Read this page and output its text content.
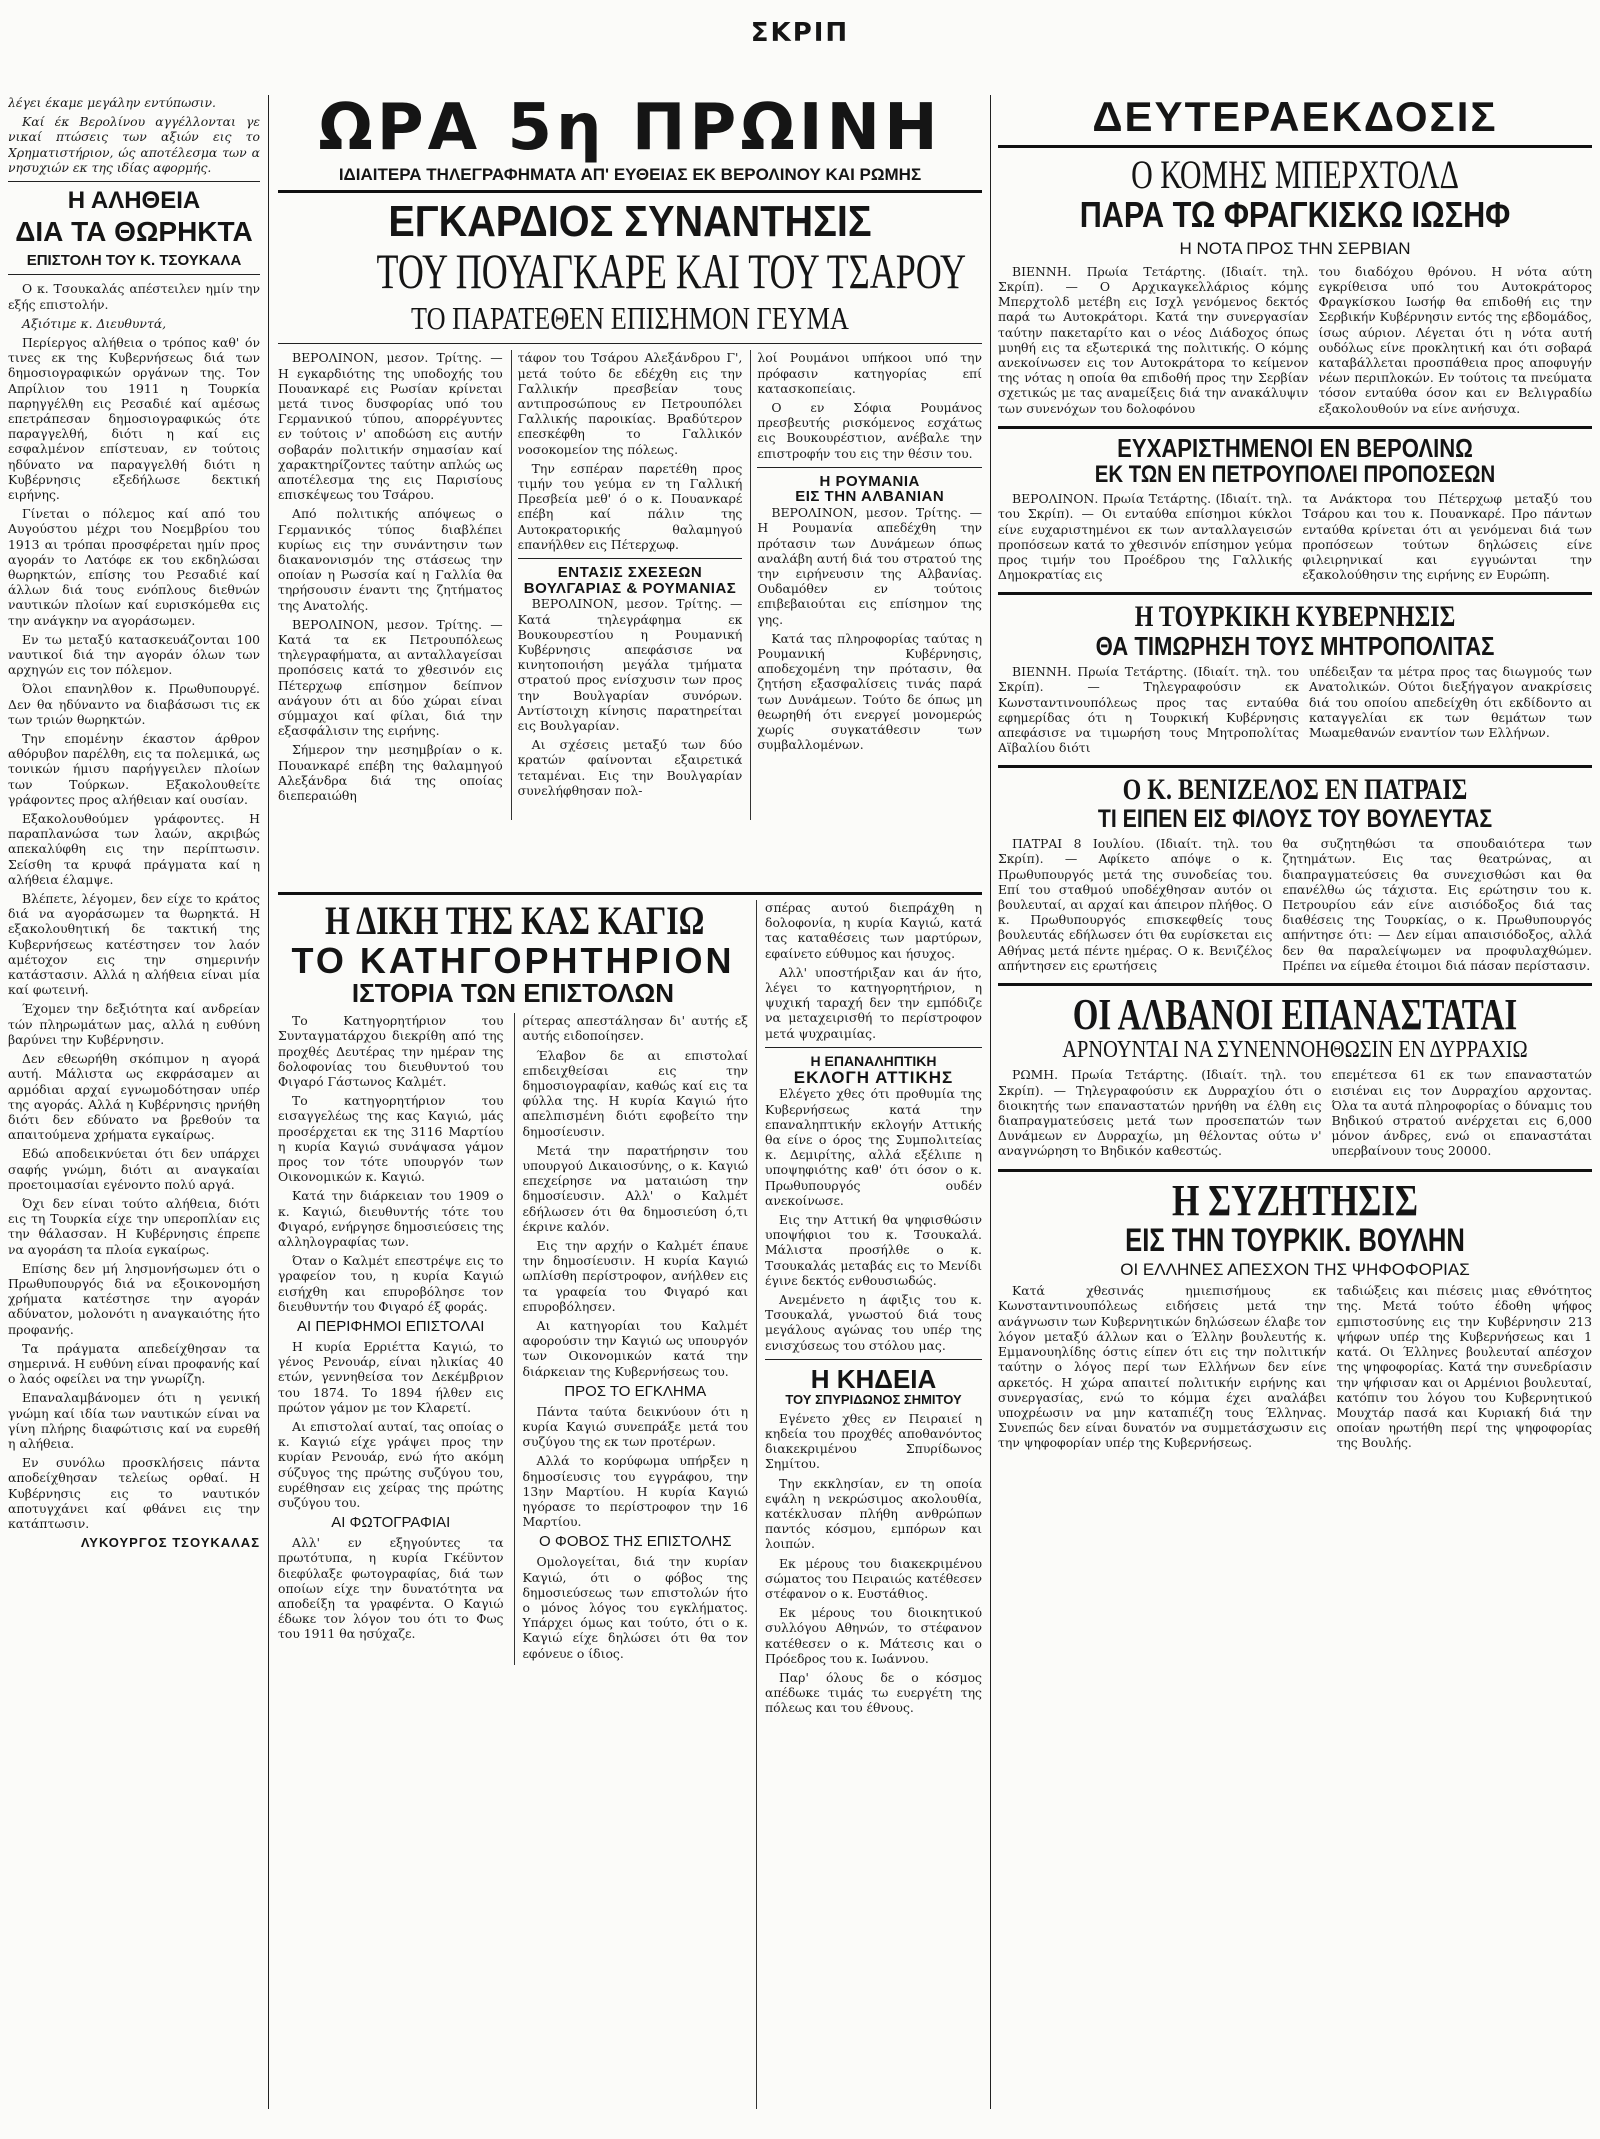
ΣΚΡΙΠ

λέγει έκαμε μεγάλην εντύπωσιν.

Καί έκ Βερολίνου αγγέλλονται γε νικαί πτώσεις των αξιών εις το Χρηματιστήριον, ώς αποτέλεσμα των α νησυχιών εκ της ιδίας αφορμής.

Η ΑΛΗΘΕΙΑ
ΔΙΑ ΤΑ ΘΩΡΗΚΤΑ
ΕΠΙΣΤΟΛΗ ΤΟΥ Κ. ΤΣΟΥΚΑΛΑ

Ο κ. Τσουκαλάς απέστειλεν ημίν την εξής επιστολήν.

Αξιότιμε κ. Διευθυντά,

Περίεργος αλήθεια ο τρόπος καθ' όν τινες εκ της Κυβερνήσεως διά των δημοσιογραφικών οργάνων της. Τον Απρίλιον του 1911 η Τουρκία παρηγγέλθη εις Ρεσαδιέ καί αμέσως επετράπεσαν δημοσιογραφικώς ότε παραγγελθή, διότι η καί εις εσφαλμένον επίστευαν, εν τούτοις ηδύνατο να παραγγελθή διότι η Κυβέρνησις εξεδήλωσε δεκτική ειρήνης.

Γίνεται ο πόλεμος καί από του Αυγούστου μέχρι του Νοεμβρίου του 1913 αι τρόπαι προσφέρεται ημίν προς αγοράν το Λατόφε εκ του εκδηλώσαι θωρηκτών, επίσης του Ρεσαδιέ καί άλλων διά τους ενόπλους διεθνών ναυτικών πλοίων καί ευρισκόμεθα εις την ανάγκην να αγοράσωμεν.

Εν τω μεταξύ κατασκευάζονται 100 ναυτικοί διά την αγοράν όλων των αρχηγών εις τον πόλεμον.

Όλοι επανηλθον κ. Πρωθυπουργέ. Δεν θα ηδύναντο να διαβάσωσι τις εκ των τριών θωρηκτών.

Την επομένην έκαστον άρθρον αθόρυβον παρέλθη, εις τα πολεμικά, ως τονικών ήμισυ παρήγγειλεν πλοίων των Τούρκων. Εξακολουθείτε γράφοντες προς αλήθειαν καί ουσίαν.

Εξακολουθούμεν γράφοντες. Η παραπλανώσα των λαών, ακριβώς απεκαλύφθη εις την περίπτωσιν. Σείσθη τα κρυφά πράγματα καί η αλήθεια έλαμψε.

Βλέπετε, λέγομεν, δεν είχε το κράτος διά να αγοράσωμεν τα θωρηκτά. Η εξακολουθητική δε τακτική της Κυβερνήσεως κατέστησεν τον λαόν αμέτοχον εις την σημερινήν κατάστασιν. Αλλά η αλήθεια είναι μία καί φωτεινή.

Έχομεν την δεξιότητα καί ανδρείαν τών πληρωμάτων μας, αλλά η ευθύνη βαρύνει την Κυβέρνησιν.

Δεν εθεωρήθη σκόπιμον η αγορά αυτή. Μάλιστα ως εκφράσαμεν αι αρμόδιαι αρχαί εγνωμοδότησαν υπέρ της αγοράς. Αλλά η Κυβέρνησις ηρνήθη διότι δεν εδύνατο να βρεθούν τα απαιτούμενα χρήματα εγκαίρως.

Εδώ αποδεικνύεται ότι δεν υπάρχει σαφής γνώμη, διότι αι αναγκαίαι προετοιμασίαι εγένοντο πολύ αργά.

Όχι δεν είναι τούτο αλήθεια, διότι εις τη Τουρκία είχε την υπεροπλίαν εις την θάλασσαν. Η Κυβέρνησις έπρεπε να αγοράση τα πλοία εγκαίρως.

Επίσης δεν μή λησμονήσωμεν ότι ο Πρωθυπουργός διά να εξοικονομήση χρήματα κατέστησε την αγοράν αδύνατον, μολονότι η αναγκαιότης ήτο προφανής.

Τα πράγματα απεδείχθησαν τα σημερινά. Η ευθύνη είναι προφανής καί ο λαός οφείλει να την γνωρίζη.

Επαναλαμβάνομεν ότι η γενική γνώμη καί ιδία των ναυτικών είναι να γίνη πλήρης διαφώτισις καί να ευρεθή η αλήθεια.

Εν συνόλω προσκλήσεις πάντα αποδείχθησαν τελείως ορθαί. Η Κυβέρνησις εις το ναυτικόν αποτυγχάνει καί φθάνει εις την κατάπτωσιν.

ΛΥΚΟΥΡΓΟΣ ΤΣΟΥΚΑΛΑΣ
ΩΡΑ 5η ΠΡΩΙΝΗ
ΙΔΙΑΙΤΕΡΑ ΤΗΛΕΓΡΑΦΗΜΑΤΑ ΑΠ' ΕΥΘΕΙΑΣ ΕΚ ΒΕΡΟΛΙΝΟΥ ΚΑΙ ΡΩΜΗΣ
ΕΓΚΑΡΔΙΟΣ ΣΥΝΑΝΤΗΣΙΣ
ΤΟΥ ΠΟΥΑΓΚΑΡΕ ΚΑΙ ΤΟΥ ΤΣΑΡΟΥ
ΤΟ ΠΑΡΑΤΕΘΕΝ ΕΠΙΣΗΜΟΝ ΓΕΥΜΑ

ΒΕΡΟΛΙΝΟΝ, μεσον. Τρίτης. — Η εγκαρδιότης της υποδοχής του Πουανκαρέ εις Ρωσίαν κρίνεται μετά τινος δυσφορίας υπό του Γερμανικού τύπου, απορρέγυντες εν τούτοις ν' αποδώση εις αυτήν σοβαράν πολιτικήν σημασίαν καί χαρακτηρίζοντες ταύτην απλώς ως αποτέλεσμα της εις Παρισίους επισκέψεως του Τσάρου.

Από πολιτικής απόψεως ο Γερμανικός τύπος διαβλέπει κυρίως εις την συνάντησιν των διακανονισμόν της στάσεως την οποίαν η Ρωσσία καί η Γαλλία θα τηρήσουσιν έναντι της ζητήματος της Ανατολής.

ΒΕΡΟΛΙΝΟΝ, μεσον. Τρίτης. — Κατά τα εκ Πετρουπόλεως τηλεγραφήματα, αι ανταλλαγείσαι προπόσεις κατά το χθεσινόν εις Πέτερχωφ επίσημον δείπνον ανάγουν ότι αι δύο χώραι είναι σύμμαχοι καί φίλαι, διά την εξασφάλισιν της ειρήνης.

Σήμερον την μεσημβρίαν ο κ. Πουανκαρέ επέβη της θαλαμηγού Αλεξάνδρα διά της οποίας διεπεραιώθη

τάφον του Τσάρου Αλεξάνδρου Γ', μετά τούτο δε εδέχθη εις την Γαλλικήν πρεσβείαν τους αντιπροσώπους εν Πετρουπόλει Γαλλικής παροικίας. Βραδύτερον επεσκέφθη το Γαλλικόν νοσοκομείον της πόλεως.

Την εσπέραν παρετέθη προς τιμήν του γεύμα εν τη Γαλλική Πρεσβεία μεθ' ό ο κ. Πουανκαρέ επέβη καί πάλιν της Αυτοκρατορικής θαλαμηγού επανήλθεν εις Πέτερχωφ.

ΕΝΤΑΣΙΣ ΣΧΕΣΕΩΝ
ΒΟΥΛΓΑΡΙΑΣ & ΡΟΥΜΑΝΙΑΣ

ΒΕΡΟΛΙΝΟΝ, μεσον. Τρίτης. — Κατά τηλεγράφημα εκ Βουκουρεστίου η Ρουμανική Κυβέρνησις απεφάσισε να κινητοποιήση μεγάλα τμήματα στρατού προς ενίσχυσιν των προς την Βουλγαρίαν συνόρων. Αντίστοιχη κίνησις παρατηρείται εις Βουλγαρίαν.

Αι σχέσεις μεταξύ των δύο κρατών φαίνονται εξαιρετικά τεταμέναι. Εις την Βουλγαρίαν συνελήφθησαν πολ-

λοί Ρουμάνοι υπήκοοι υπό την πρόφασιν κατηγορίας επί κατασκοπείαις.

Ο εν Σόφια Ρουμάνος πρεσβευτής ρισκόμενος εσχάτως εις Βουκουρέστιον, ανέβαλε την επιστροφήν του εις την θέσιν του.

Η ΡΟΥΜΑΝΙΑ
ΕΙΣ ΤΗΝ ΑΛΒΑΝΙΑΝ

ΒΕΡΟΛΙΝΟΝ, μεσον. Τρίτης. — Η Ρουμανία απεδέχθη την πρότασιν των Δυνάμεων όπως αναλάβη αυτή διά του στρατού της την ειρήνευσιν της Αλβανίας. Ουδαμόθεν εν τούτοις επιβεβαιούται εις επίσημον της γης.

Κατά τας πληροφορίας ταύτας η Ρουμανική Κυβέρνησις, αποδεχομένη την πρότασιν, θα ζητήση εξασφαλίσεις τινάς παρά των Δυνάμεων. Τούτο δε όπως μη θεωρηθή ότι ενεργεί μονομερώς χωρίς συγκατάθεσιν των συμβαλλομένων.

Η ΔΙΚΗ ΤΗΣ ΚΑΣ ΚΑΓΙΩ
ΤΟ ΚΑΤΗΓΟΡΗΤΗΡΙΟΝ
ΙΣΤΟΡΙΑ ΤΩΝ ΕΠΙΣΤΟΛΩΝ

Το Κατηγορητήριον του Συνταγματάρχου διεκρίθη από της προχθές Δευτέρας την ημέραν της δολοφονίας του διευθυντού του Φιγαρό Γάστωνος Καλμέτ.

Το κατηγορητήριον του εισαγγελέως της κας Καγιώ, μάς προσέρχεται εκ της 3116 Μαρτίου η κυρία Καγιώ συνάψασα γάμον προς τον τότε υπουργόν των Οικονομικών κ. Καγιώ.

Κατά την διάρκειαν του 1909 ο κ. Καγιώ, διευθυντής τότε του Φιγαρό, ενήργησε δημοσιεύσεις της αλληλογραφίας των.

Όταν ο Καλμέτ επεστρέψε εις το γραφείον του, η κυρία Καγιώ εισήχθη και επυροβόλησε τον διευθυντήν του Φιγαρό έξ φοράς.

ΑΙ ΠΕΡΙΦΗΜΟΙ ΕΠΙΣΤΟΛΑΙ

Η κυρία Ερριέττα Καγιώ, το γένος Ρενουάρ, είναι ηλικίας 40 ετών, γεννηθείσα τον Δεκέμβριον του 1874. Το 1894 ήλθεν εις πρώτον γάμον με τον Κλαρετί.

Αι επιστολαί αυταί, τας οποίας ο κ. Καγιώ είχε γράψει προς την κυρίαν Ρενουάρ, ενώ ήτο ακόμη σύζυγος της πρώτης συζύγου του, ευρέθησαν εις χείρας της πρώτης συζύγου του.

ΑΙ ΦΩΤΟΓΡΑΦΙΑΙ

Αλλ' εν εξηγούντες τα πρωτότυπα, η κυρία Γκέϋντον διεφύλαξε φωτογραφίας, διά των οποίων είχε την δυνατότητα να αποδείξη τα γραφέντα. Ο Καγιώ έδωκε τον λόγον του ότι το Φως του 1911 θα ησύχαζε.

ρίτερας απεστάλησαν δι' αυτής εξ αυτής ειδοποίησεν.

Έλαβον δε αι επιστολαί επιδειχθείσαι εις την δημοσιογραφίαν, καθώς καί εις τα φύλλα της. Η κυρία Καγιώ ήτο απελπισμένη διότι εφοβείτο την δημοσίευσιν.

Μετά την παρατήρησιν του υπουργού Δικαιοσύνης, ο κ. Καγιώ επεχείρησε να ματαιώση την δημοσίευσιν. Αλλ' ο Καλμέτ εδήλωσεν ότι θα δημοσιεύση ό,τι έκρινε καλόν.

Εις την αρχήν ο Καλμέτ έπαυε την δημοσίευσιν. Η κυρία Καγιώ ωπλίσθη περίστροφον, ανήλθεν εις τα γραφεία του Φιγαρό και επυροβόλησεν.

Αι κατηγορίαι του Καλμέτ αφορούσιν την Καγιώ ως υπουργόν των Οικονομικών κατά την διάρκειαν της Κυβερνήσεως του.

ΠΡΟΣ ΤΟ ΕΓΚΛΗΜΑ

Πάντα ταύτα δεικνύουν ότι η κυρία Καγιώ συνεπράξε μετά του συζύγου της εκ των προτέρων.

Αλλά το κορύφωμα υπήρξεν η δημοσίευσις του εγγράφου, την 13ην Μαρτίου. Η κυρία Καγιώ ηγόρασε το περίστροφον την 16 Μαρτίου.

Ο ΦΟΒΟΣ ΤΗΣ ΕΠΙΣΤΟΛΗΣ

Ομολογείται, διά την κυρίαν Καγιώ, ότι ο φόβος της δημοσιεύσεως των επιστολών ήτο ο μόνος λόγος του εγκλήματος. Υπάρχει όμως και τούτο, ότι ο κ. Καγιώ είχε δηλώσει ότι θα τον εφόνευε ο ίδιος.

σπέρας αυτού διεπράχθη η δολοφονία, η κυρία Καγιώ, κατά τας καταθέσεις των μαρτύρων, εφαίνετο εύθυμος και ήσυχος.

Αλλ' υποστήριξαν και άν ήτο, λέγει το κατηγορητήριον, η ψυχική ταραχή δεν την εμπόδιζε να μεταχειρισθή το περίστροφον μετά ψυχραιμίας.

Η ΕΠΑΝΑΛΗΠΤΙΚΗ
ΕΚΛΟΓΗ ΑΤΤΙΚΗΣ

Ελέγετο χθες ότι προθυμία της Κυβερνήσεως κατά την επαναληπτικήν εκλογήν Αττικής θα είνε ο όρος της Συμπολιτείας κ. Δεμιρίτης, αλλά εξέλιπε η υποψηφιότης καθ' ότι όσον ο κ. Πρωθυπουργός ουδέν ανεκοίνωσε.

Εις την Αττική θα ψηφισθώσιν υποψήφιοι του κ. Τσουκαλά. Μάλιστα προσήλθε ο κ. Τσουκαλάς μεταβάς εις το Μενίδι έγινε δεκτός ενθουσιωδώς.

Ανεμένετο η άφιξις του κ. Τσουκαλά, γνωστού διά τους μεγάλους αγώνας του υπέρ της ενισχύσεως του στόλου μας.

Η ΚΗΔΕΙΑ
ΤΟΥ ΣΠΥΡΙΔΩΝΟΣ ΣΗΜΙΤΟΥ

Εγένετο χθες εν Πειραιεί η κηδεία του προχθές αποθανόντος διακεκριμένου Σπυρίδωνος Σημίτου.

Την εκκλησίαν, εν τη οποία εψάλη η νεκρώσιμος ακολουθία, κατέκλυσαν πλήθη ανθρώπων παντός κόσμου, εμπόρων και λοιπών.

Εκ μέρους του διακεκριμένου σώματος του Πειραιώς κατέθεσεν στέφανον ο κ. Ευστάθιος.

Εκ μέρους του διοικητικού συλλόγου Αθηνών, το στέφανον κατέθεσεν ο κ. Μάτεσις και ο Πρόεδρος του κ. Ιωάννου.

Παρ' όλους δε ο κόσμος απέδωκε τιμάς τω ευεργέτη της πόλεως και του έθνους.

ΔΕΥΤΕΡΑΕΚΔΟΣΙΣ
Ο ΚΟΜΗΣ ΜΠΕΡΧΤΟΛΔ
ΠΑΡΑ ΤΩ ΦΡΑΓΚΙΣΚΩ ΙΩΣΗΦ
Η ΝΟΤΑ ΠΡΟΣ ΤΗΝ ΣΕΡΒΙΑΝ

ΒΙΕΝΝΗ. Πρωία Τετάρτης. (Ιδιαίτ. τηλ. Σκρίπ). — Ο Αρχικαγκελλάριος κόμης Μπερχτολδ μετέβη εις Ισχλ γενόμενος δεκτός παρά τω Αυτοκράτορι. Κατά την συνεργασίαν ταύτην πακεταρίτο και ο νέος Διάδοχος όπως μυηθή εις τα εξωτερικά της πολιτικής. Ο κόμης ανεκοίνωσεν εις τον Αυτοκράτορα το κείμενον της νότας η οποία θα επιδοθή προς την Σερβίαν σχετικώς με τας αναμείξεις διά την ανακάλυψιν των συνενόχων του δολοφόνου

του διαδόχου θρόνου. Η νότα αύτη εγκρίθεισα υπό του Αυτοκράτορος Φραγκίσκου Ιωσήφ θα επιδοθή εις την Σερβικήν Κυβέρνησιν εντός της εβδομάδος, ίσως αύριον. Λέγεται ότι η νότα αυτή ουδόλως είνε προκλητική και ότι σοβαρά καταβάλλεται προσπάθεια προς αποφυγήν νέων περιπλοκών. Εν τούτοις τα πνεύματα τόσον ενταύθα όσον και εν Βελιγραδίω εξακολουθούν να είνε ανήσυχα.

ΕΥΧΑΡΙΣΤΗΜΕΝΟΙ ΕΝ ΒΕΡΟΛΙΝΩ
ΕΚ ΤΩΝ ΕΝ ΠΕΤΡΟΥΠΟΛΕΙ ΠΡΟΠΟΣΕΩΝ

ΒΕΡΟΛΙΝΟΝ. Πρωία Τετάρτης. (Ιδιαίτ. τηλ. του Σκρίπ). — Οι ενταύθα επίσημοι κύκλοι είνε ευχαριστημένοι εκ των ανταλλαγεισών προπόσεων κατά το χθεσινόν επίσημον γεύμα προς τιμήν του Προέδρου της Γαλλικής Δημοκρατίας εις

τα Ανάκτορα του Πέτερχωφ μεταξύ του Τσάρου και του κ. Πουανκαρέ. Προ πάντων ενταύθα κρίνεται ότι αι γενόμεναι διά των προπόσεων τούτων δηλώσεις είνε φιλειρηνικαί και εγγυώνται την εξακολούθησιν της ειρήνης εν Ευρώπη.

Η ΤΟΥΡΚΙΚΗ ΚΥΒΕΡΝΗΣΙΣ
ΘΑ ΤΙΜΩΡΗΣΗ ΤΟΥΣ ΜΗΤΡΟΠΟΛΙΤΑΣ

ΒΙΕΝΝΗ. Πρωία Τετάρτης. (Ιδιαίτ. τηλ. του Σκρίπ). — Τηλεγραφούσιν εκ Κωνσταντινουπόλεως προς τας ενταύθα εφημερίδας ότι η Τουρκική Κυβέρνησις απεφάσισε να τιμωρήση τους Μητροπολίτας Αϊβαλίου διότι

υπέδειξαν τα μέτρα προς τας διωγμούς των Ανατολικών. Ούτοι διεξήγαγον ανακρίσεις διά του οποίου απεδείχθη ότι εκδίδοντο αι καταγγελίαι εκ των θεμάτων των Μωαμεθανών εναντίον των Ελλήνων.

Ο Κ. ΒΕΝΙΖΕΛΟΣ ΕΝ ΠΑΤΡΑΙΣ
ΤΙ ΕΙΠΕΝ ΕΙΣ ΦΙΛΟΥΣ ΤΟΥ ΒΟΥΛΕΥΤΑΣ

ΠΑΤΡΑΙ 8 Ιουλίου. (Ιδιαίτ. τηλ. του Σκρίπ). — Αφίκετο απόψε ο κ. Πρωθυπουργός μετά της συνοδείας του. Επί του σταθμού υποδέχθησαν αυτόν οι βουλευταί, αι αρχαί και άπειρον πλήθος. Ο κ. Πρωθυπουργός επισκεφθείς τους βουλευτάς εδήλωσεν ότι θα ευρίσκεται εις Αθήνας μετά πέντε ημέρας. Ο κ. Βενιζέλος απήντησεν εις ερωτήσεις

θα συζητηθώσι τα σπουδαιότερα των ζητημάτων. Εις τας θεατρώνας, αι διαπραγματεύσεις θα συνεχισθώσι και θα επανέλθω ώς τάχιστα. Εις ερώτησιν του κ. Πετρουρίου εάν είνε αισιόδοξος διά τας διαθέσεις της Τουρκίας, ο κ. Πρωθυπουργός απήντησε ότι: — Δεν είμαι απαισιόδοξος, αλλά δεν θα παραλείψωμεν να προφυλαχθώμεν. Πρέπει να είμεθα έτοιμοι διά πάσαν περίστασιν.

ΟΙ ΑΛΒΑΝΟΙ ΕΠΑΝΑΣΤΑΤΑΙ
ΑΡΝΟΥΝΤΑΙ ΝΑ ΣΥΝΕΝΝΟΗΘΩΣΙΝ ΕΝ ΔΥΡΡΑΧΙΩ

ΡΩΜΗ. Πρωία Τετάρτης. (Ιδιαίτ. τηλ. του Σκρίπ). — Τηλεγραφούσιν εκ Δυρραχίου ότι ο διοικητής των επαναστατών ηρνήθη να έλθη εις διαπραγματεύσεις μετά των προσεπατών των Δυνάμεων εν Δυρραχίω, μη θέλοντας ούτω ν' αναγνώρηση το Βηδικόν καθεστώς.

επεμέτεσα 61 εκ των επαναστατών εισιέναι εις τον Δυρραχίου αρχοντας. Όλα τα αυτά πληροφορίας ο δύναμις του Βηδικού στρατού ανέρχεται εις 6,000 μόνον άνδρες, ενώ οι επαναστάται υπερβαίνουν τους 20000.

Η ΣΥΖΗΤΗΣΙΣ
ΕΙΣ ΤΗΝ ΤΟΥΡΚΙΚ. ΒΟΥΛΗΝ
ΟΙ ΕΛΛΗΝΕΣ ΑΠΕΣΧΟΝ ΤΗΣ ΨΗΦΟΦΟΡΙΑΣ

Κατά χθεσινάς ημιεπισήμους εκ Κωνσταντινουπόλεως ειδήσεις μετά την ανάγνωσιν των Κυβερνητικών δηλώσεων έλαβε τον λόγον μεταξύ άλλων και ο Έλλην βουλευτής κ. Εμμανουηλίδης όστις είπεν ότι εις την πολιτικήν ταύτην ο λόγος περί των Ελλήνων δεν είνε αρκετός. Η χώρα απαιτεί πολιτικήν ειρήνης και συνεργασίας, ενώ το κόμμα έχει αναλάβει υποχρέωσιν να μην καταπιέζη τους Έλληνας. Συνεπώς δεν είναι δυνατόν να συμμετάσχωσιν εις την ψηφοφορίαν υπέρ της Κυβερνήσεως.

ταδιώξεις και πιέσεις μιας εθνότητος της. Μετά τούτο έδοθη ψήφος εμπιστοσύνης εις την Κυβέρνησιν 213 ψήφων υπέρ της Κυβερνήσεως και 1 κατά. Οι Έλληνες βουλευταί απέσχον της ψηφοφορίας. Κατά την συνεδρίασιν την ψήφισαν και οι Αρμένιοι βουλευταί, κατόπιν του λόγου του Κυβερνητικού Μουχτάρ πασά και Κυριακή διά την οποίαν ηρωτήθη περί της ψηφοφορίας της Βουλής.
